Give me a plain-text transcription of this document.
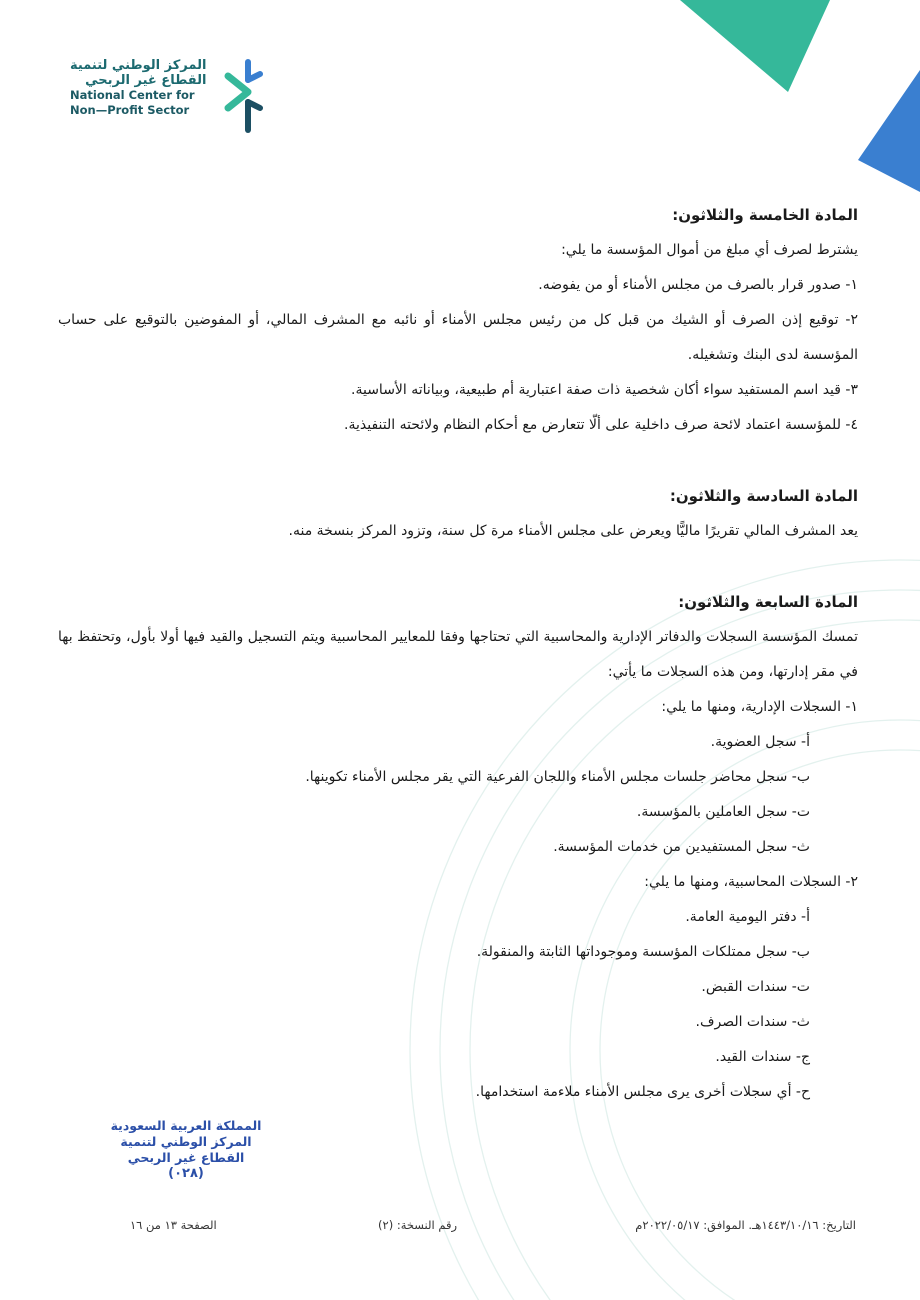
المركز الوطني لتنمية
القطاع غير الربحي
National Center for
Non—Profit Sector

المادة الخامسة والثلاثون:

يشترط لصرف أي مبلغ من أموال المؤسسة ما يلي:

١- صدور قرار بالصرف من مجلس الأمناء أو من يفوضه.

٢- توقيع إذن الصرف أو الشيك من قبل كل من رئيس مجلس الأمناء أو نائبه مع المشرف المالي، أو المفوضين بالتوقيع على حساب المؤسسة لدى البنك وتشغيله.

٣- قيد اسم المستفيد سواء أكان شخصية ذات صفة اعتبارية أم طبيعية، وبياناته الأساسية.

٤- للمؤسسة اعتماد لائحة صرف داخلية على ألّا تتعارض مع أحكام النظام ولائحته التنفيذية.

المادة السادسة والثلاثون:

يعد المشرف المالي تقريرًا ماليًّا ويعرض على مجلس الأمناء مرة كل سنة، وتزود المركز بنسخة منه.

المادة السابعة والثلاثون:

تمسك المؤسسة السجلات والدفاتر الإدارية والمحاسبية التي تحتاجها وفقا للمعايير المحاسبية ويتم التسجيل والقيد فيها أولا بأول، وتحتفظ بها في مقر إدارتها، ومن هذه السجلات ما يأتي:

١- السجلات الإدارية، ومنها ما يلي:

أ- سجل العضوية.

ب- سجل محاضر جلسات مجلس الأمناء واللجان الفرعية التي يقر مجلس الأمناء تكوينها.

ت- سجل العاملين بالمؤسسة.

ث- سجل المستفيدين من خدمات المؤسسة.

٢- السجلات المحاسبية، ومنها ما يلي:

أ- دفتر اليومية العامة.

ب- سجل ممتلكات المؤسسة وموجوداتها الثابتة والمنقولة.

ت- سندات القبض.

ث- سندات الصرف.

ج- سندات القيد.

ح- أي سجلات أخرى يرى مجلس الأمناء ملاءمة استخدامها.

المملكة العربية السعودية
المركز الوطني لتنمية
القطاع غير الربحي
(٠٢٨)
التاريخ: ١٤٤٣/١٠/١٦هـ. الموافق: ٢٠٢٢/٠٥/١٧م
رقم النسخة: (٢)
الصفحة ١٣ من ١٦
